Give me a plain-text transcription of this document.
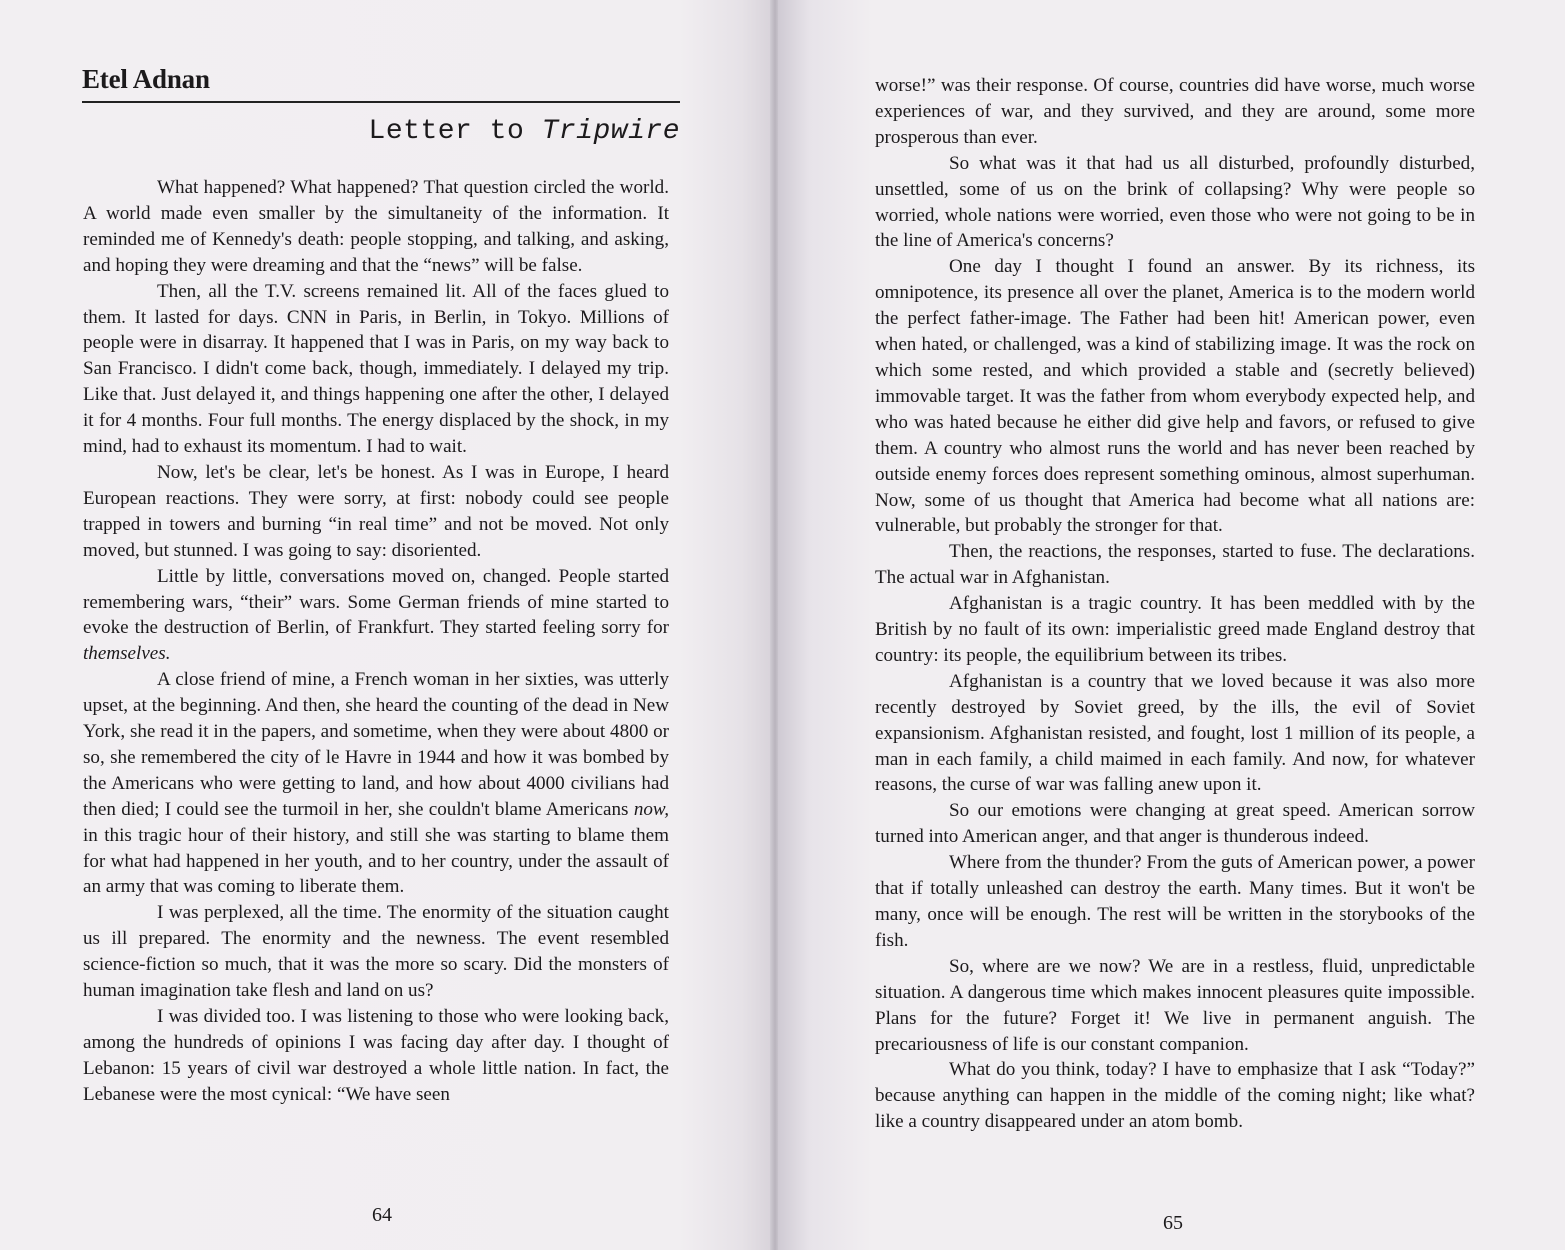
Etel Adnan
Letter to Tripwire

What happened? What happened? That question circled the world. A world made even smaller by the simultaneity of the information. It reminded me of Kennedy's death: people stopping, and talking, and asking, and hoping they were dreaming and that the “news” will be false.

Then, all the T.V. screens remained lit. All of the faces glued to them. It lasted for days. CNN in Paris, in Berlin, in Tokyo. Millions of people were in disarray. It happened that I was in Paris, on my way back to San Francisco. I didn't come back, though, immediately. I delayed my trip. Like that. Just delayed it, and things happening one after the other, I delayed it for 4 months. Four full months. The energy displaced by the shock, in my mind, had to exhaust its momentum. I had to wait.

Now, let's be clear, let's be honest. As I was in Europe, I heard European reactions. They were sorry, at first: nobody could see people trapped in towers and burning “in real time” and not be moved. Not only moved, but stunned. I was going to say: disoriented.

Little by little, conversations moved on, changed. People started remembering wars, “their” wars. Some German friends of mine started to evoke the destruction of Berlin, of Frankfurt. They started feeling sorry for themselves.

A close friend of mine, a French woman in her sixties, was utterly upset, at the beginning. And then, she heard the counting of the dead in New York, she read it in the papers, and sometime, when they were about 4800 or so, she remembered the city of le Havre in 1944 and how it was bombed by the Americans who were getting to land, and how about 4000 civilians had then died; I could see the turmoil in her, she couldn't blame Americans now, in this tragic hour of their history, and still she was starting to blame them for what had happened in her youth, and to her country, under the assault of an army that was coming to liberate them.

I was perplexed, all the time. The enormity of the situation caught us ill prepared. The enormity and the newness. The event resembled science-fiction so much, that it was the more so scary. Did the monsters of human imagination take flesh and land on us?

I was divided too. I was listening to those who were looking back, among the hundreds of opinions I was facing day after day. I thought of Lebanon: 15 years of civil war destroyed a whole little nation. In fact, the Lebanese were the most cynical: “We have seen

64

worse!” was their response. Of course, countries did have worse, much worse experiences of war, and they survived, and they are around, some more prosperous than ever.

So what was it that had us all disturbed, profoundly disturbed, unsettled, some of us on the brink of collapsing? Why were people so worried, whole nations were worried, even those who were not going to be in the line of America's concerns?

One day I thought I found an answer. By its richness, its omnipotence, its presence all over the planet, America is to the modern world the perfect father-image. The Father had been hit! American power, even when hated, or challenged, was a kind of stabilizing image. It was the rock on which some rested, and which provided a stable and (secretly believed) immovable target. It was the father from whom everybody expected help, and who was hated because he either did give help and favors, or refused to give them. A country who almost runs the world and has never been reached by outside enemy forces does represent something ominous, almost superhuman. Now, some of us thought that America had become what all nations are: vulnerable, but probably the stronger for that.

Then, the reactions, the responses, started to fuse. The declarations. The actual war in Afghanistan.

Afghanistan is a tragic country. It has been meddled with by the British by no fault of its own: imperialistic greed made England destroy that country: its people, the equilibrium between its tribes.

Afghanistan is a country that we loved because it was also more recently destroyed by Soviet greed, by the ills, the evil of Soviet expansionism. Afghanistan resisted, and fought, lost 1 million of its people, a man in each family, a child maimed in each family. And now, for whatever reasons, the curse of war was falling anew upon it.

So our emotions were changing at great speed. American sorrow turned into American anger, and that anger is thunderous indeed.

Where from the thunder? From the guts of American power, a power that if totally unleashed can destroy the earth. Many times. But it won't be many, once will be enough. The rest will be written in the storybooks of the fish.

So, where are we now? We are in a restless, fluid, unpredictable situation. A dangerous time which makes innocent pleasures quite impossible. Plans for the future? Forget it! We live in permanent anguish. The precariousness of life is our constant companion.

What do you think, today? I have to emphasize that I ask “Today?” because anything can happen in the middle of the coming night; like what? like a country disappeared under an atom bomb.

65
